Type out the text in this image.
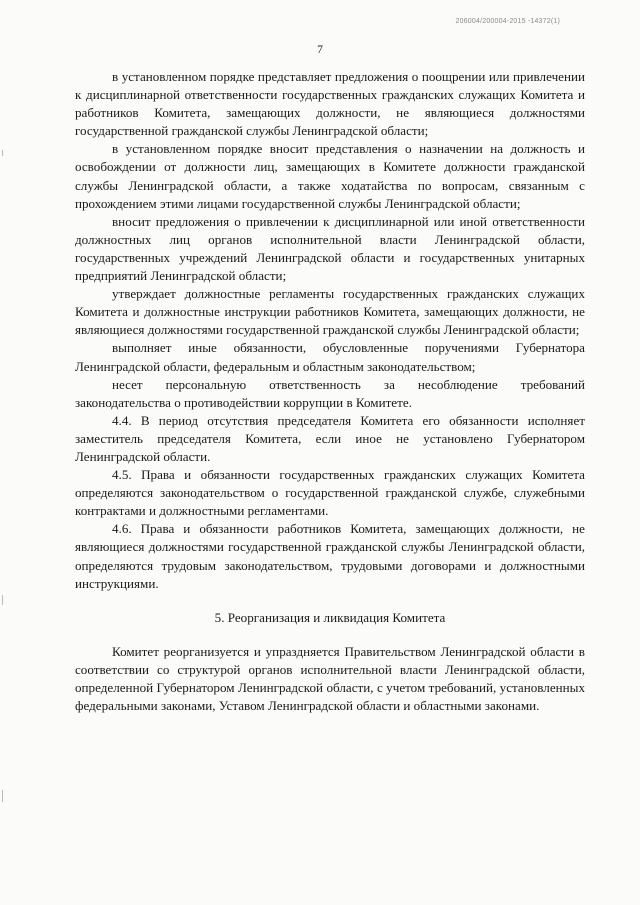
206004/200004-2015 -14372(1)
7

в установленном порядке представляет предложения о поощрении или привлечении к дисциплинарной ответственности государственных гражданских служащих Комитета и работников Комитета, замещающих должности, не являющиеся должностями государственной гражданской службы Ленинградской области;

в установленном порядке вносит представления о назначении на должность и освобождении от должности лиц, замещающих в Комитете должности гражданской службы Ленинградской области, а также ходатайства по вопросам, связанным с прохождением этими лицами государственной службы Ленинградской области;

вносит предложения о привлечении к дисциплинарной или иной ответственности должностных лиц органов исполнительной власти Ленинградской области, государственных учреждений Ленинградской области и государственных унитарных предприятий Ленинградской области;

утверждает должностные регламенты государственных гражданских служащих Комитета и должностные инструкции работников Комитета, замещающих должности, не являющиеся должностями государственной гражданской службы Ленинградской области;

выполняет иные обязанности, обусловленные поручениями Губернатора Ленинградской области, федеральным и областным законодательством;

несет персональную ответственность за несоблюдение требований законодательства о противодействии коррупции в Комитете.

4.4. В период отсутствия председателя Комитета его обязанности исполняет заместитель председателя Комитета, если иное не установлено Губернатором Ленинградской области.

4.5. Права и обязанности государственных гражданских служащих Комитета определяются законодательством о государственной гражданской службе, служебными контрактами и должностными регламентами.

4.6. Права и обязанности работников Комитета, замещающих должности, не являющиеся должностями государственной гражданской службы Ленинградской области, определяются трудовым законодательством, трудовыми договорами и должностными инструкциями.

5. Реорганизация и ликвидация Комитета

Комитет реорганизуется и упраздняется Правительством Ленинградской области в соответствии со структурой органов исполнительной власти Ленинградской области, определенной Губернатором Ленинградской области, с учетом требований, установленных федеральными законами, Уставом Ленинградской области и областными законами.
